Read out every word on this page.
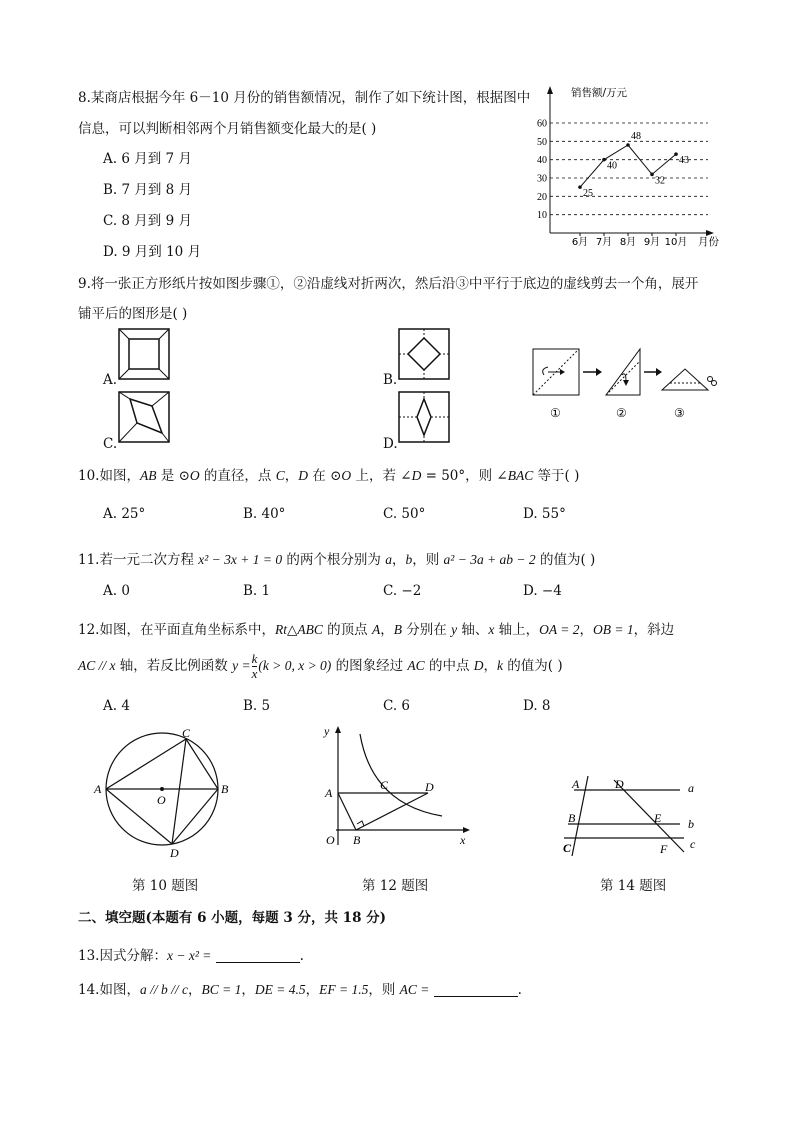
8.某商店根据今年 6－10 月份的销售额情况，制作了如下统计图，根据图中
信息，可以判断相邻两个月销售额变化最大的是( )
A. 6 月到 7 月
B. 7 月到 8 月
C. 8 月到 9 月
D. 9 月到 10 月
销售额/万元
月份
10
20
30
40
50
60
6月 7月 8月 9月 10月
25
40
48
32
43
9.将一张正方形纸片按如图步骤①，②沿虚线对折两次，然后沿③中平行于底边的虚线剪去一个角，展开
铺平后的图形是( )
A.
C.
B.
D.
①	②	③
10.如图，AB 是 ⊙O 的直径，点 C，D 在 ⊙O 上，若 ∠D = 50°，则 ∠BAC 等于( )
A. 25°	B. 40°	C. 50°	D. 55°
11.若一元二次方程 x² − 3x + 1 = 0 的两个根分别为 a，b，则 a² − 3a + ab − 2 的值为( )
A. 0	B. 1	C. −2	D. −4
12.如图，在平面直角坐标系中，Rt△ABC 的顶点 A，B 分别在 y 轴、x 轴上，OA = 2，OB = 1，斜边
AC // x 轴，若反比例函数 $y = \frac{k}{x} (k > 0$, x > 0) 的图象经过 AC 的中点 D，k 的值为( )
A. 4	B. 5	C. 6	D. 8
A	B
C
D
O
第 10 题图
y
x
A
B
C	D
O
第 12 题图
A	D
B	E
C	F
a
b
c
第 14 题图
二、填空题(本题有 6 小题，每题 3 分，共 18 分)
13.因式分解：x − x² =	.
14.如图，a // b // c，BC = 1，DE = 4.5，EF = 1.5，则 AC =	.
